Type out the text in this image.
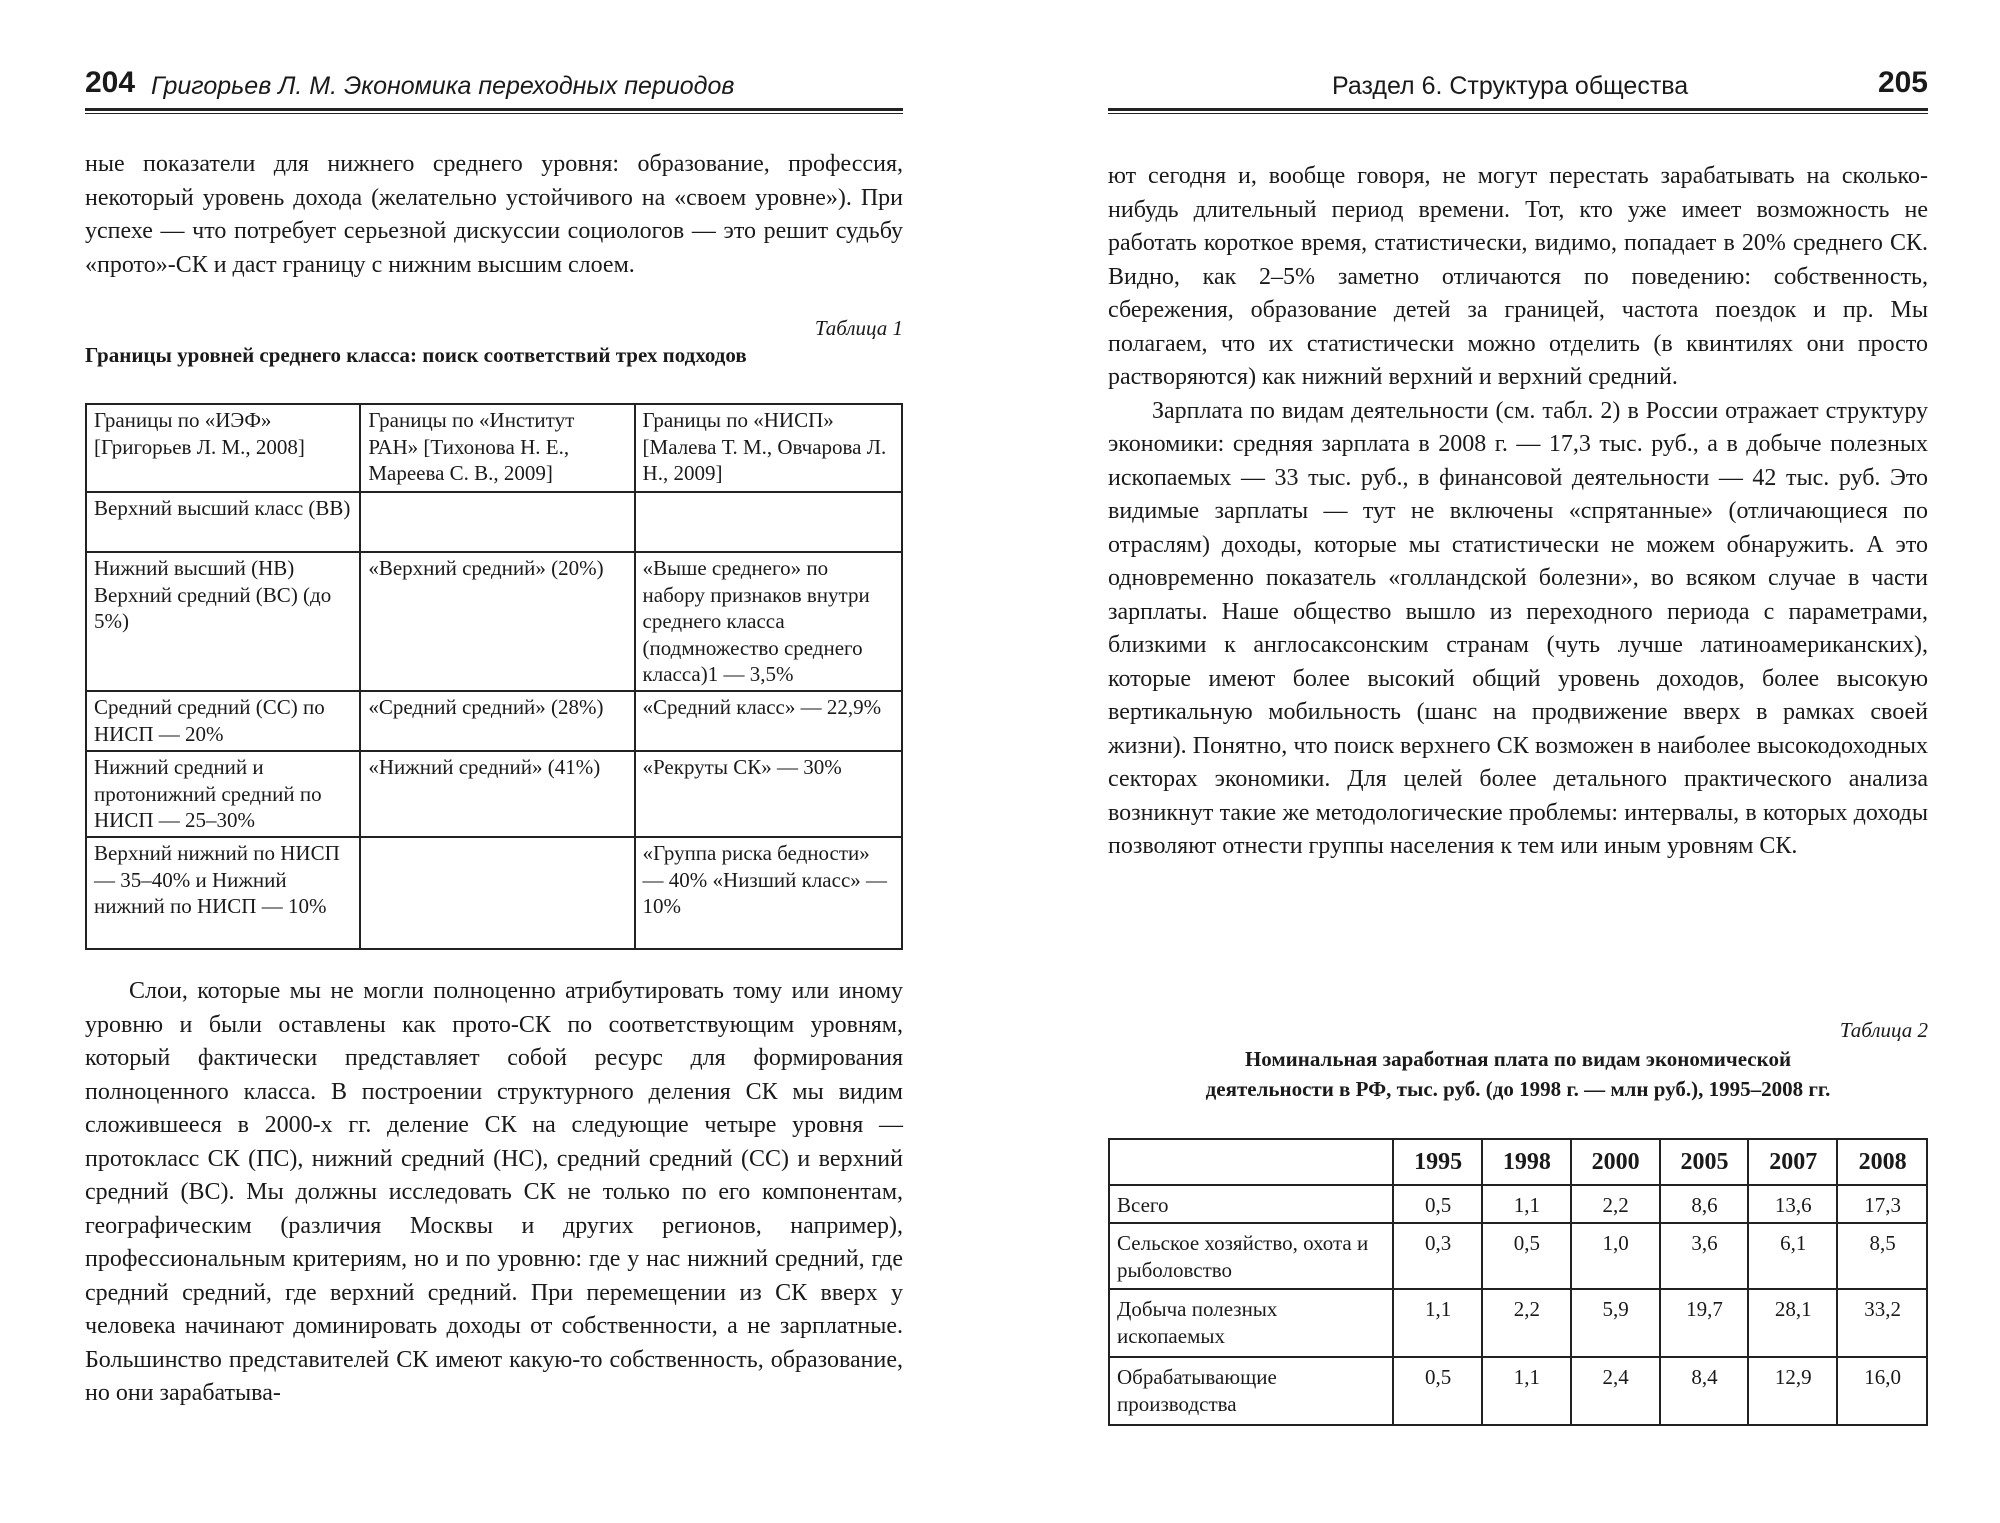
204 Григорьев Л. М. Экономика переходных периодов

ные показатели для нижнего среднего уровня: образование, профессия, некоторый уровень дохода (желательно устойчивого на «своем уровне»). При успехе — что потребует серьезной дискуссии социологов — это решит судьбу «прото»-СК и даст границу с нижним высшим слоем.

Таблица 1
Границы уровней среднего класса: поиск соответствий трех подходов
Границы по «ИЭФ» [Григорьев Л. М., 2008]	Границы по «Институт РАН» [Тихонова Н. Е., Мареева С. В., 2009]	Границы по «НИСП» [Малева Т. М., Овчарова Л. Н., 2009]
Верхний высший класс (ВВ)		
Нижний высший (НВ) Верхний средний (ВС) (до 5%)	«Верхний средний» (20%)	«Выше среднего» по набору признаков внутри среднего класса (подмножество среднего класса)1 — 3,5%
Средний средний (СС) по НИСП — 20%	«Средний средний» (28%)	«Средний класс» — 22,9%
Нижний средний и протонижний средний по НИСП — 25–30%	«Нижний средний» (41%)	«Рекруты СК» — 30%
Верхний нижний по НИСП — 35–40% и Нижний нижний по НИСП — 10%		«Группа риска бедности» — 40% «Низший класс» —10%

Слои, которые мы не могли полноценно атрибутировать тому или иному уровню и были оставлены как прото-СК по соответствующим уровням, который фактически представляет собой ресурс для формирования полноценного класса. В построении структурного деления СК мы видим сложившееся в 2000-х гг. деление СК на следующие четыре уровня — протокласс СК (ПС), нижний средний (НС), средний средний (СС) и верхний средний (ВС). Мы должны исследовать СК не только по его компонентам, географическим (различия Москвы и других регионов, например), профессиональным критериям, но и по уровню: где у нас нижний средний, где средний средний, где верхний средний. При перемещении из СК вверх у человека начинают доминировать доходы от собственности, а не зарплатные. Большинство представителей СК имеют какую-то собственность, образование, но они зарабатыва-

Раздел 6. Структура общества	205

ют сегодня и, вообще говоря, не могут перестать зарабатывать на сколько-нибудь длительный период времени. Тот, кто уже имеет возможность не работать короткое время, статистически, видимо, попадает в 20% среднего СК. Видно, как 2–5% заметно отличаются по поведению: собственность, сбережения, образование детей за границей, частота поездок и пр. Мы полагаем, что их статистически можно отделить (в квинтилях они просто растворяются) как нижний верхний и верхний средний.

Зарплата по видам деятельности (см. табл. 2) в России отражает структуру экономики: средняя зарплата в 2008 г. — 17,3 тыс. руб., а в добыче полезных ископаемых — 33 тыс. руб., в финансовой деятельности — 42 тыс. руб. Это видимые зарплаты — тут не включены «спрятанные» (отличающиеся по отраслям) доходы, которые мы статистически не можем обнаружить. А это одновременно показатель «голландской болезни», во всяком случае в части зарплаты. Наше общество вышло из переходного периода с параметрами, близкими к англосаксонским странам (чуть лучше латиноамериканских), которые имеют более высокий общий уровень доходов, более высокую вертикальную мобильность (шанс на продвижение вверх в рамках своей жизни). Понятно, что поиск верхнего СК возможен в наиболее высокодоходных секторах экономики. Для целей более детального практического анализа возникнут такие же методологические проблемы: интервалы, в которых доходы позволяют отнести группы населения к тем или иным уровням СК.

Таблица 2
Номинальная заработная плата по видам экономической
деятельности в РФ, тыс. руб. (до 1998 г. — млн руб.), 1995–2008 гг.
	1995	1998	2000	2005	2007	2008
Всего	0,5	1,1	2,2	8,6	13,6	17,3
Сельское хозяйство, охота и рыболовство	0,3	0,5	1,0	3,6	6,1	8,5
Добыча полезных ископаемых	1,1	2,2	5,9	19,7	28,1	33,2
Обрабатывающие производства	0,5	1,1	2,4	8,4	12,9	16,0
